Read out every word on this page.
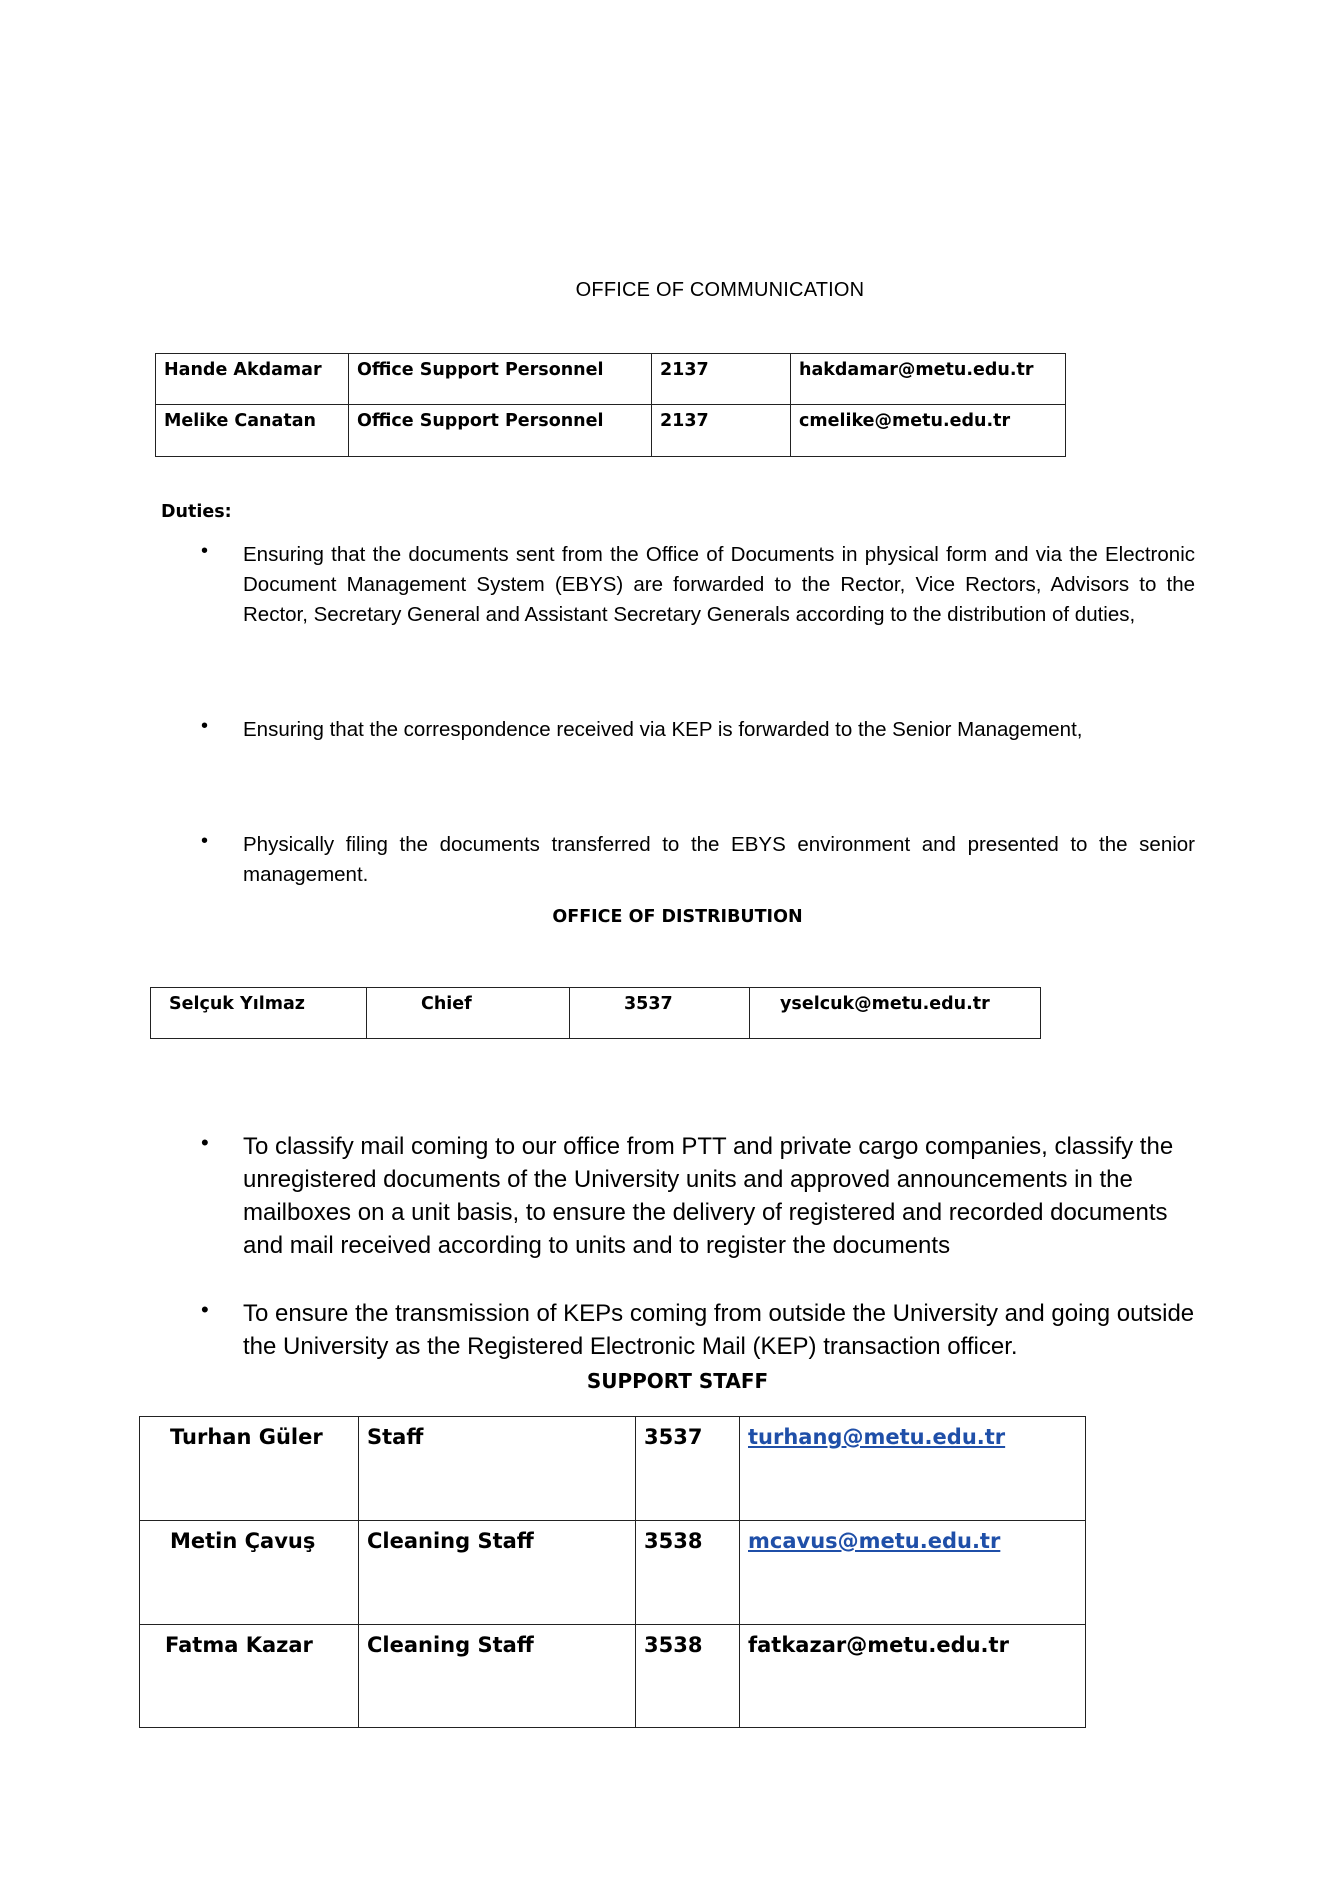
OFFICE OF COMMUNICATION
Hande Akdamar	Office Support Personnel	2137	hakdamar@metu.edu.tr
Melike Canatan	Office Support Personnel	2137	cmelike@metu.edu.tr
Duties:
• Ensuring that the documents sent from the Office of Documents in physical form and via the Electronic Document Management System (EBYS) are forwarded to the Rector, Vice Rectors, Advisors to the Rector, Secretary General and Assistant Secretary Generals according to the distribution of duties,
• Ensuring that the correspondence received via KEP is forwarded to the Senior Management,
• Physically filing the documents transferred to the EBYS environment and presented to the senior management.
OFFICE OF DISTRIBUTION
Selçuk Yılmaz	Chief	3537	yselcuk@metu.edu.tr
• To classify mail coming to our office from PTT and private cargo companies, classify the unregistered documents of the University units and approved announcements in the mailboxes on a unit basis, to ensure the delivery of registered and recorded documents and mail received according to units and to register the documents
• To ensure the transmission of KEPs coming from outside the University and going outside the University as the Registered Electronic Mail (KEP) transaction officer.
SUPPORT STAFF
Turhan Güler	Staff	3537	turhang@metu.edu.tr
Metin Çavuş	Cleaning Staff	3538	mcavus@metu.edu.tr
Fatma Kazar	Cleaning Staff	3538	fatkazar@metu.edu.tr
